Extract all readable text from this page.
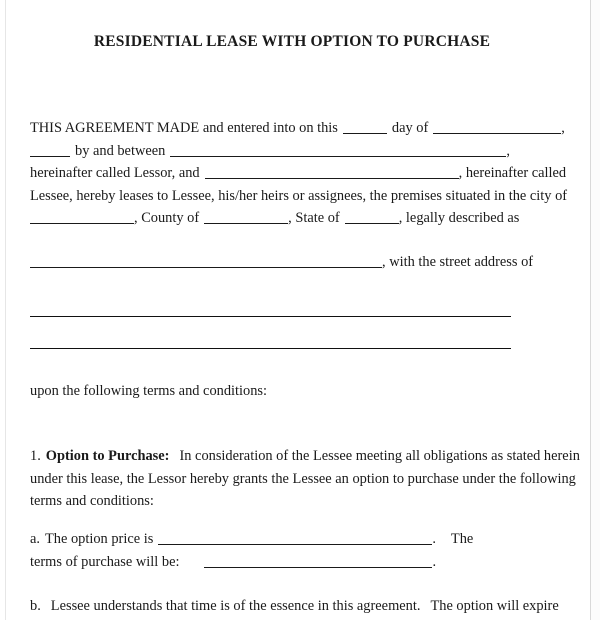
RESIDENTIAL LEASE WITH OPTION TO PURCHASE
THIS AGREEMENT MADE and entered into on this	day of	,
by and between	,
hereinafter called Lessor, and	, hereinafter called
Lessee, hereby leases to Lessee, his/her heirs or assignees, the premises situated in the city of
, County of	, State of	, legally described as
, with the street address of
upon the following terms and conditions:
1. Option to Purchase: In consideration of the Lessee meeting all obligations as stated herein
under this lease, the Lessor hereby grants the Lessee an option to purchase under the following
terms and conditions:
a. The option price is	. The
terms of purchase will be:	.
b. Lessee understands that time is of the essence in this agreement. The option will expire
